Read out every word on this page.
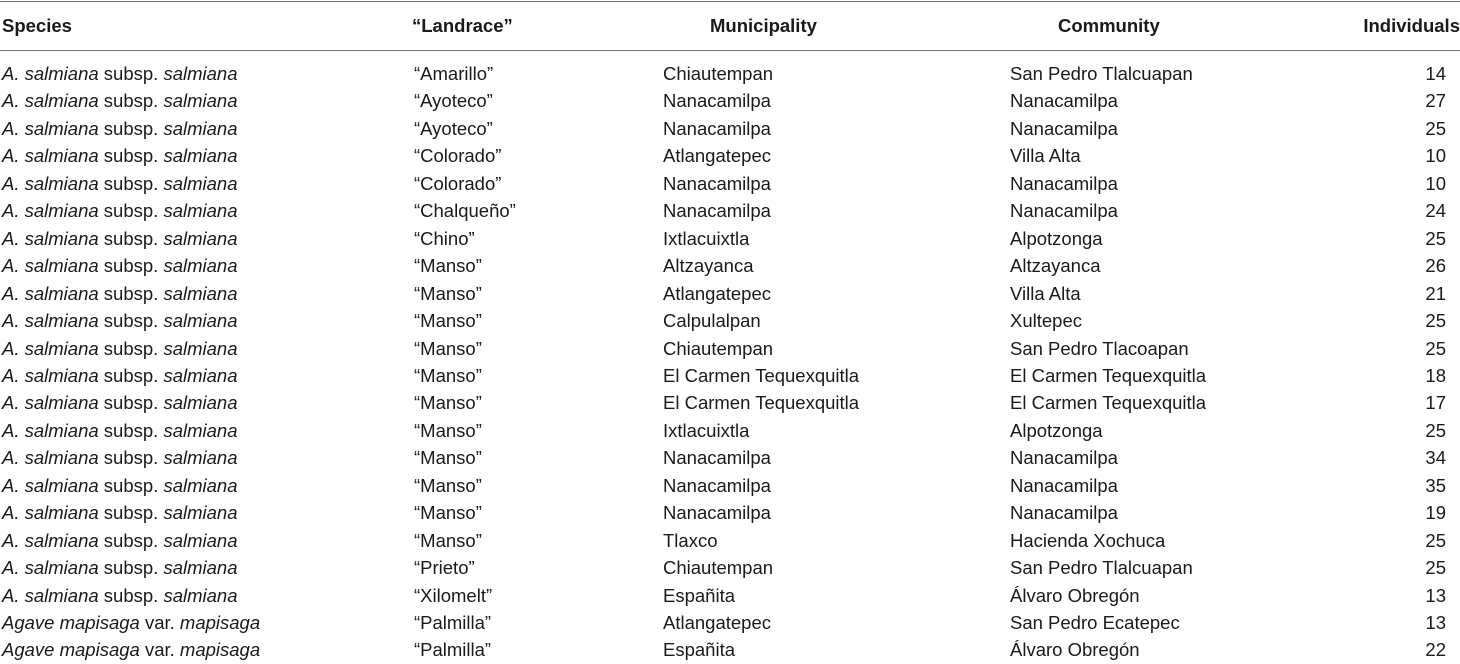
Species	“Landrace”	Municipality	Community	Individuals
A. salmiana subsp. salmiana	“Amarillo”	Chiautempan	San Pedro Tlalcuapan	14
A. salmiana subsp. salmiana	“Ayoteco”	Nanacamilpa	Nanacamilpa	27
A. salmiana subsp. salmiana	“Ayoteco”	Nanacamilpa	Nanacamilpa	25
A. salmiana subsp. salmiana	“Colorado”	Atlangatepec	Villa Alta	10
A. salmiana subsp. salmiana	“Colorado”	Nanacamilpa	Nanacamilpa	10
A. salmiana subsp. salmiana	“Chalqueño”	Nanacamilpa	Nanacamilpa	24
A. salmiana subsp. salmiana	“Chino”	Ixtlacuixtla	Alpotzonga	25
A. salmiana subsp. salmiana	“Manso”	Altzayanca	Altzayanca	26
A. salmiana subsp. salmiana	“Manso”	Atlangatepec	Villa Alta	21
A. salmiana subsp. salmiana	“Manso”	Calpulalpan	Xultepec	25
A. salmiana subsp. salmiana	“Manso”	Chiautempan	San Pedro Tlacoapan	25
A. salmiana subsp. salmiana	“Manso”	El Carmen Tequexquitla	El Carmen Tequexquitla	18
A. salmiana subsp. salmiana	“Manso”	El Carmen Tequexquitla	El Carmen Tequexquitla	17
A. salmiana subsp. salmiana	“Manso”	Ixtlacuixtla	Alpotzonga	25
A. salmiana subsp. salmiana	“Manso”	Nanacamilpa	Nanacamilpa	34
A. salmiana subsp. salmiana	“Manso”	Nanacamilpa	Nanacamilpa	35
A. salmiana subsp. salmiana	“Manso”	Nanacamilpa	Nanacamilpa	19
A. salmiana subsp. salmiana	“Manso”	Tlaxco	Hacienda Xochuca	25
A. salmiana subsp. salmiana	“Prieto”	Chiautempan	San Pedro Tlalcuapan	25
A. salmiana subsp. salmiana	“Xilomelt”	Españita	Álvaro Obregón	13
Agave mapisaga var. mapisaga	“Palmilla”	Atlangatepec	San Pedro Ecatepec	13
Agave mapisaga var. mapisaga	“Palmilla”	Españita	Álvaro Obregón	22
